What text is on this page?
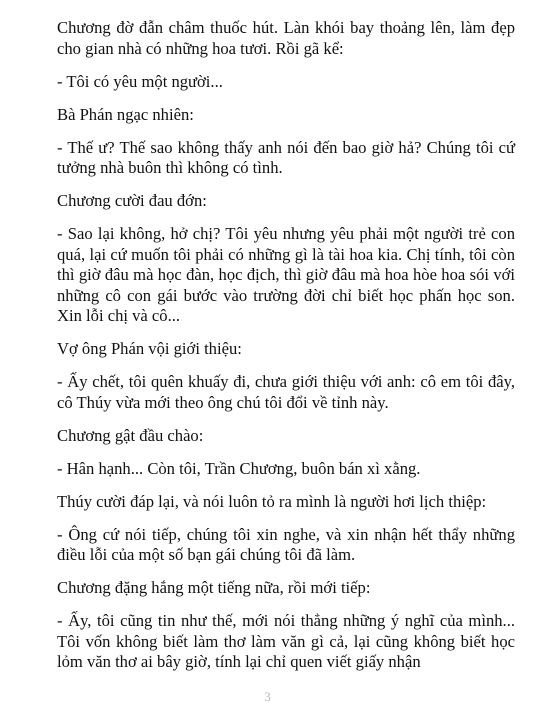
Chương đờ đẫn châm thuốc hút. Làn khói bay thoảng lên, làm đẹp cho gian nhà có những hoa tươi. Rồi gã kể:

- Tôi có yêu một người...

Bà Phán ngạc nhiên:

- Thế ư? Thế sao không thấy anh nói đến bao giờ hả? Chúng tôi cứ tưởng nhà buôn thì không có tình.

Chương cười đau đớn:

- Sao lại không, hở chị? Tôi yêu nhưng yêu phải một người trẻ con quá, lại cứ muốn tôi phải có những gì là tài hoa kia. Chị tính, tôi còn thì giờ đâu mà học đàn, học địch, thì giờ đâu mà hoa hòe hoa sói với những cô con gái bước vào trường đời chỉ biết học phấn học son. Xin lỗi chị và cô...

Vợ ông Phán vội giới thiệu:

- Ấy chết, tôi quên khuấy đi, chưa giới thiệu với anh: cô em tôi đây, cô Thúy vừa mới theo ông chú tôi đổi về tỉnh này.

Chương gật đầu chào:

- Hân hạnh... Còn tôi, Trần Chương, buôn bán xì xằng.

Thúy cười đáp lại, và nói luôn tỏ ra mình là người hơi lịch thiệp:

- Ông cứ nói tiếp, chúng tôi xin nghe, và xin nhận hết thẩy những điều lỗi của một số bạn gái chúng tôi đã làm.

Chương đặng hắng một tiếng nữa, rồi mới tiếp:

- Ấy, tôi cũng tin như thế, mới nói thẳng những ý nghĩ của mình... Tôi vốn không biết làm thơ làm văn gì cả, lại cũng không biết học lỏm văn thơ ai bây giờ, tính lại chỉ quen viết giấy nhận

3
